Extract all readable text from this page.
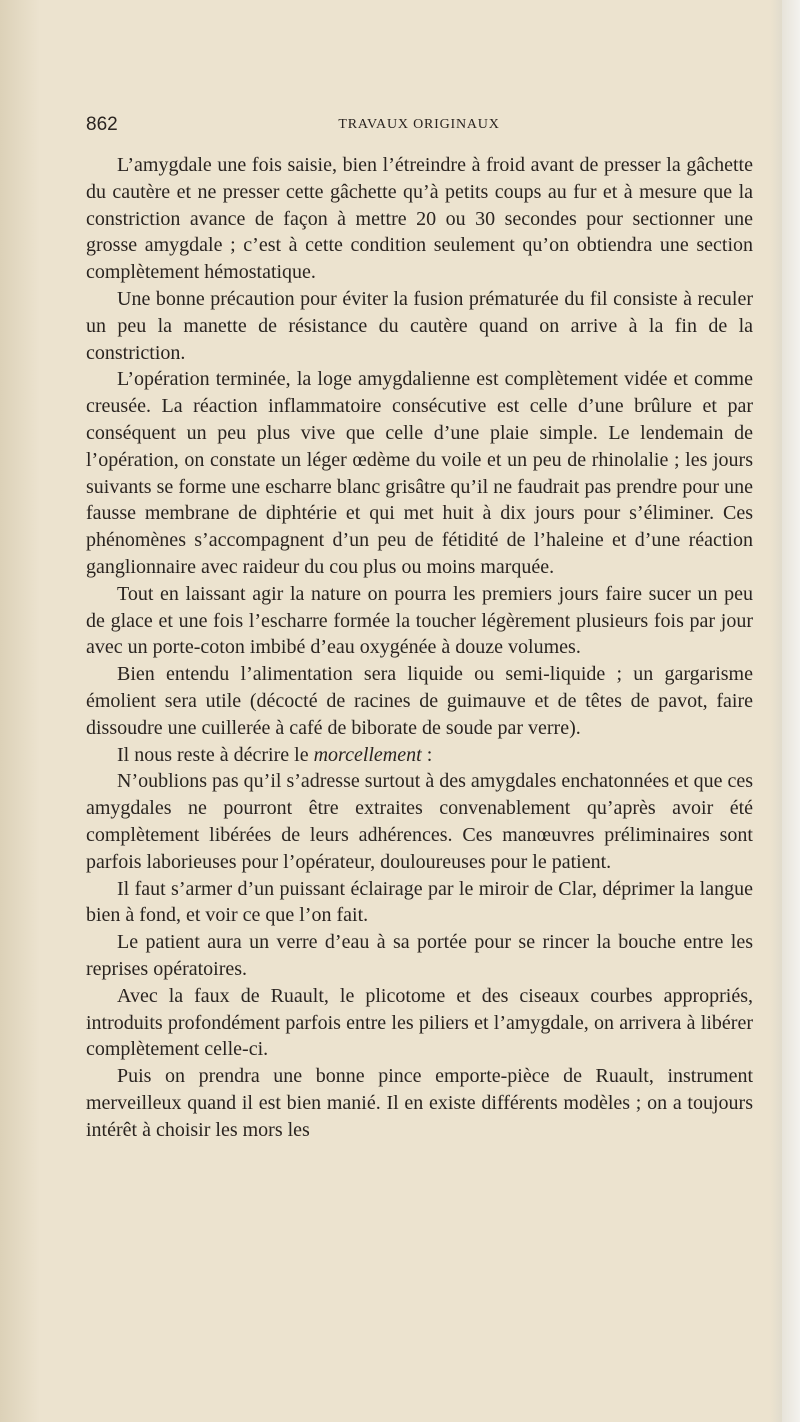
862	TRAVAUX ORIGINAUX

L’amygdale une fois saisie, bien l’étreindre à froid avant de presser la gâchette du cautère et ne presser cette gâchette qu’à petits coups au fur et à mesure que la constriction avance de façon à mettre 20 ou 30 secondes pour sectionner une grosse amygdale ; c’est à cette condition seulement qu’on obtiendra une section complètement hémostatique.

Une bonne précaution pour éviter la fusion prématurée du fil consiste à reculer un peu la manette de résistance du cautère quand on arrive à la fin de la constriction.

L’opération terminée, la loge amygdalienne est complètement vidée et comme creusée. La réaction inflammatoire consécutive est celle d’une brûlure et par conséquent un peu plus vive que celle d’une plaie simple. Le lendemain de l’opération, on constate un léger œdème du voile et un peu de rhinolalie ; les jours suivants se forme une escharre blanc grisâtre qu’il ne faudrait pas prendre pour une fausse membrane de diphtérie et qui met huit à dix jours pour s’éliminer. Ces phénomènes s’accompagnent d’un peu de fétidité de l’haleine et d’une réaction ganglionnaire avec raideur du cou plus ou moins marquée.

Tout en laissant agir la nature on pourra les premiers jours faire sucer un peu de glace et une fois l’escharre formée la toucher légèrement plusieurs fois par jour avec un porte-coton imbibé d’eau oxygénée à douze volumes.

Bien entendu l’alimentation sera liquide ou semi-liquide ; un gargarisme émolient sera utile (décocté de racines de guimauve et de têtes de pavot, faire dissoudre une cuillerée à café de biborate de soude par verre).

Il nous reste à décrire le morcellement :

N’oublions pas qu’il s’adresse surtout à des amygdales enchatonnées et que ces amygdales ne pourront être extraites convenablement qu’après avoir été complètement libérées de leurs adhérences. Ces manœuvres préliminaires sont parfois laborieuses pour l’opérateur, douloureuses pour le patient.

Il faut s’armer d’un puissant éclairage par le miroir de Clar, déprimer la langue bien à fond, et voir ce que l’on fait.

Le patient aura un verre d’eau à sa portée pour se rincer la bouche entre les reprises opératoires.

Avec la faux de Ruault, le plicotome et des ciseaux courbes appropriés, introduits profondément parfois entre les piliers et l’amygdale, on arrivera à libérer complètement celle-ci.

Puis on prendra une bonne pince emporte-pièce de Ruault, instrument merveilleux quand il est bien manié. Il en existe différents modèles ; on a toujours intérêt à choisir les mors les
